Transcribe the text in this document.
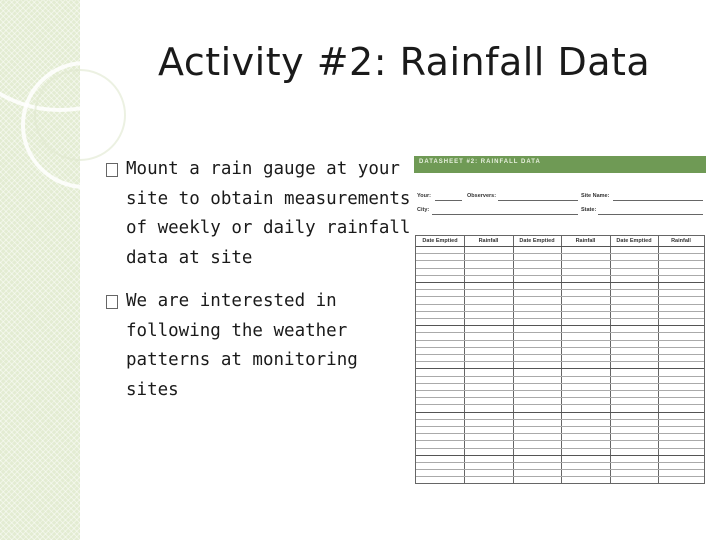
Activity #2: Rainfall Data
Mount a rain gauge at your site to obtain measurements of weekly or daily rainfall data at site
We are interested in following the weather patterns at monitoring sites
DATASHEET #2: RAINFALL DATA
Your:	Observers:	Site Name:
City:	State:
Date Emptied	Rainfall	Date Emptied	Rainfall	Date Emptied	Rainfall
